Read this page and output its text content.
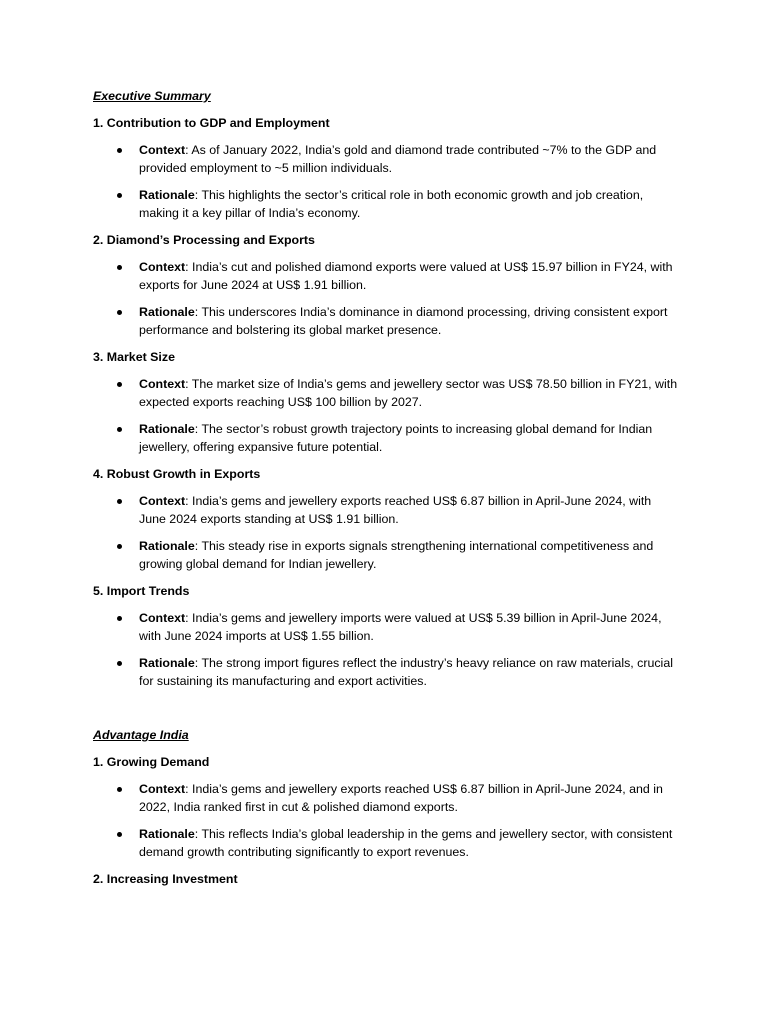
Executive Summary
1. Contribution to GDP and Employment
Context: As of January 2022, India’s gold and diamond trade contributed ~7% to the GDP and provided employment to ~5 million individuals.
Rationale: This highlights the sector’s critical role in both economic growth and job creation, making it a key pillar of India’s economy.
2. Diamond’s Processing and Exports
Context: India’s cut and polished diamond exports were valued at US$ 15.97 billion in FY24, with exports for June 2024 at US$ 1.91 billion.
Rationale: This underscores India’s dominance in diamond processing, driving consistent export performance and bolstering its global market presence.
3. Market Size
Context: The market size of India’s gems and jewellery sector was US$ 78.50 billion in FY21, with expected exports reaching US$ 100 billion by 2027.
Rationale: The sector’s robust growth trajectory points to increasing global demand for Indian jewellery, offering expansive future potential.
4. Robust Growth in Exports
Context: India’s gems and jewellery exports reached US$ 6.87 billion in April-June 2024, with June 2024 exports standing at US$ 1.91 billion.
Rationale: This steady rise in exports signals strengthening international competitiveness and growing global demand for Indian jewellery.
5. Import Trends
Context: India’s gems and jewellery imports were valued at US$ 5.39 billion in April-June 2024, with June 2024 imports at US$ 1.55 billion.
Rationale: The strong import figures reflect the industry’s heavy reliance on raw materials, crucial for sustaining its manufacturing and export activities.
Advantage India
1. Growing Demand
Context: India’s gems and jewellery exports reached US$ 6.87 billion in April-June 2024, and in 2022, India ranked first in cut & polished diamond exports.
Rationale: This reflects India’s global leadership in the gems and jewellery sector, with consistent demand growth contributing significantly to export revenues.
2. Increasing Investment
